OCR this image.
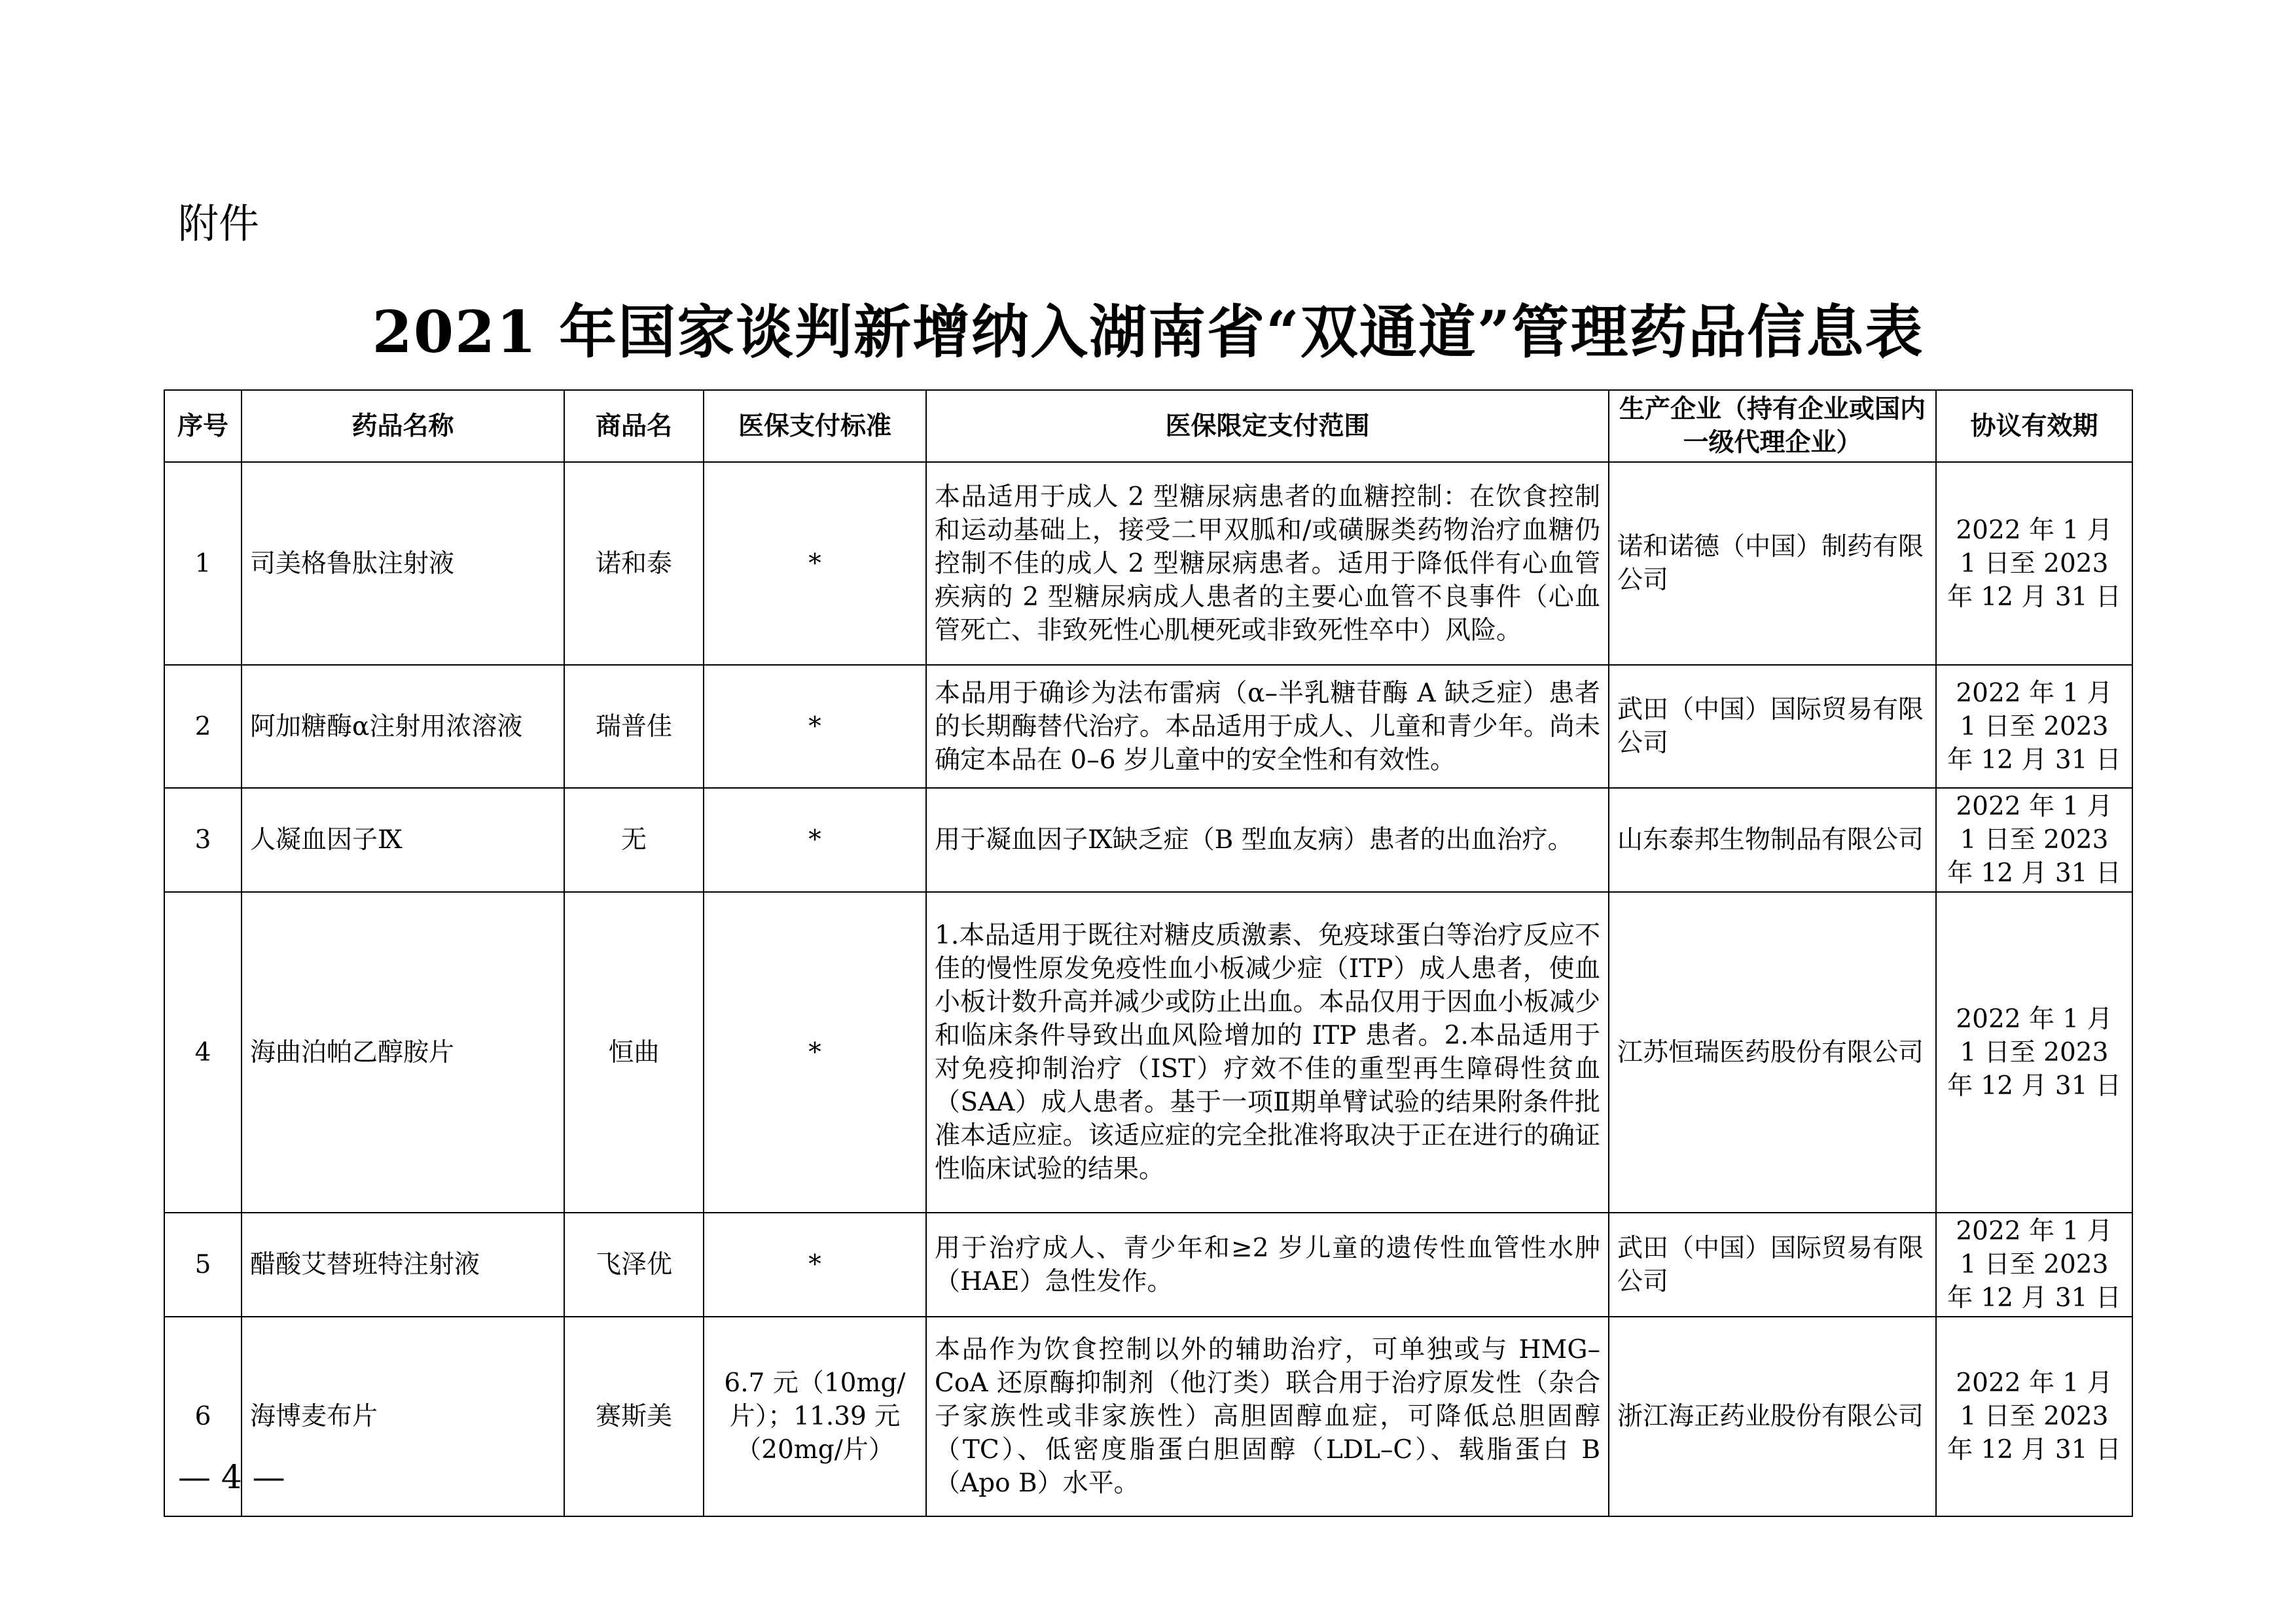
附件
2021 年国家谈判新增纳入湖南省“双通道”管理药品信息表
序号	药品名称	商品名	医保支付标准	医保限定支付范围	生产企业（持有企业或国内一级代理企业）	协议有效期
1	司美格鲁肽注射液	诺和泰	*	本品适用于成人 2 型糖尿病患者的血糖控制：在饮食控制和运动基础上，接受二甲双胍和/或磺脲类药物治疗血糖仍控制不佳的成人 2 型糖尿病患者。适用于降低伴有心血管疾病的 2 型糖尿病成人患者的主要心血管不良事件（心血管死亡、非致死性心肌梗死或非致死性卒中）风险。	诺和诺德（中国）制药有限公司	2022 年 1 月 1 日至 2023 年 12 月 31 日
2	阿加糖酶α注射用浓溶液	瑞普佳	*	本品用于确诊为法布雷病（α–半乳糖苷酶 A 缺乏症）患者的长期酶替代治疗。本品适用于成人、儿童和青少年。尚未确定本品在 0–6 岁儿童中的安全性和有效性。	武田（中国）国际贸易有限公司	2022 年 1 月 1 日至 2023 年 12 月 31 日
3	人凝血因子Ⅸ	无	*	用于凝血因子Ⅸ缺乏症（B 型血友病）患者的出血治疗。	山东泰邦生物制品有限公司	2022 年 1 月 1 日至 2023 年 12 月 31 日
4	海曲泊帕乙醇胺片	恒曲	*	1.本品适用于既往对糖皮质激素、免疫球蛋白等治疗反应不佳的慢性原发免疫性血小板减少症（ITP）成人患者，使血小板计数升高并减少或防止出血。本品仅用于因血小板减少和临床条件导致出血风险增加的 ITP 患者。2.本品适用于对免疫抑制治疗（IST）疗效不佳的重型再生障碍性贫血（SAA）成人患者。基于一项Ⅱ期单臂试验的结果附条件批准本适应症。该适应症的完全批准将取决于正在进行的确证性临床试验的结果。	江苏恒瑞医药股份有限公司	2022 年 1 月 1 日至 2023 年 12 月 31 日
5	醋酸艾替班特注射液	飞泽优	*	用于治疗成人、青少年和≥2 岁儿童的遗传性血管性水肿（HAE）急性发作。	武田（中国）国际贸易有限公司	2022 年 1 月 1 日至 2023 年 12 月 31 日
6	海博麦布片	赛斯美	6.7 元（10mg/片）；11.39 元（20mg/片）	本品作为饮食控制以外的辅助治疗，可单独或与 HMG–CoA 还原酶抑制剂（他汀类）联合用于治疗原发性（杂合子家族性或非家族性）高胆固醇血症，可降低总胆固醇（TC）、低密度脂蛋白胆固醇（LDL–C）、载脂蛋白 B（Apo B）水平。	浙江海正药业股份有限公司	2022 年 1 月 1 日至 2023 年 12 月 31 日
— 4 —
